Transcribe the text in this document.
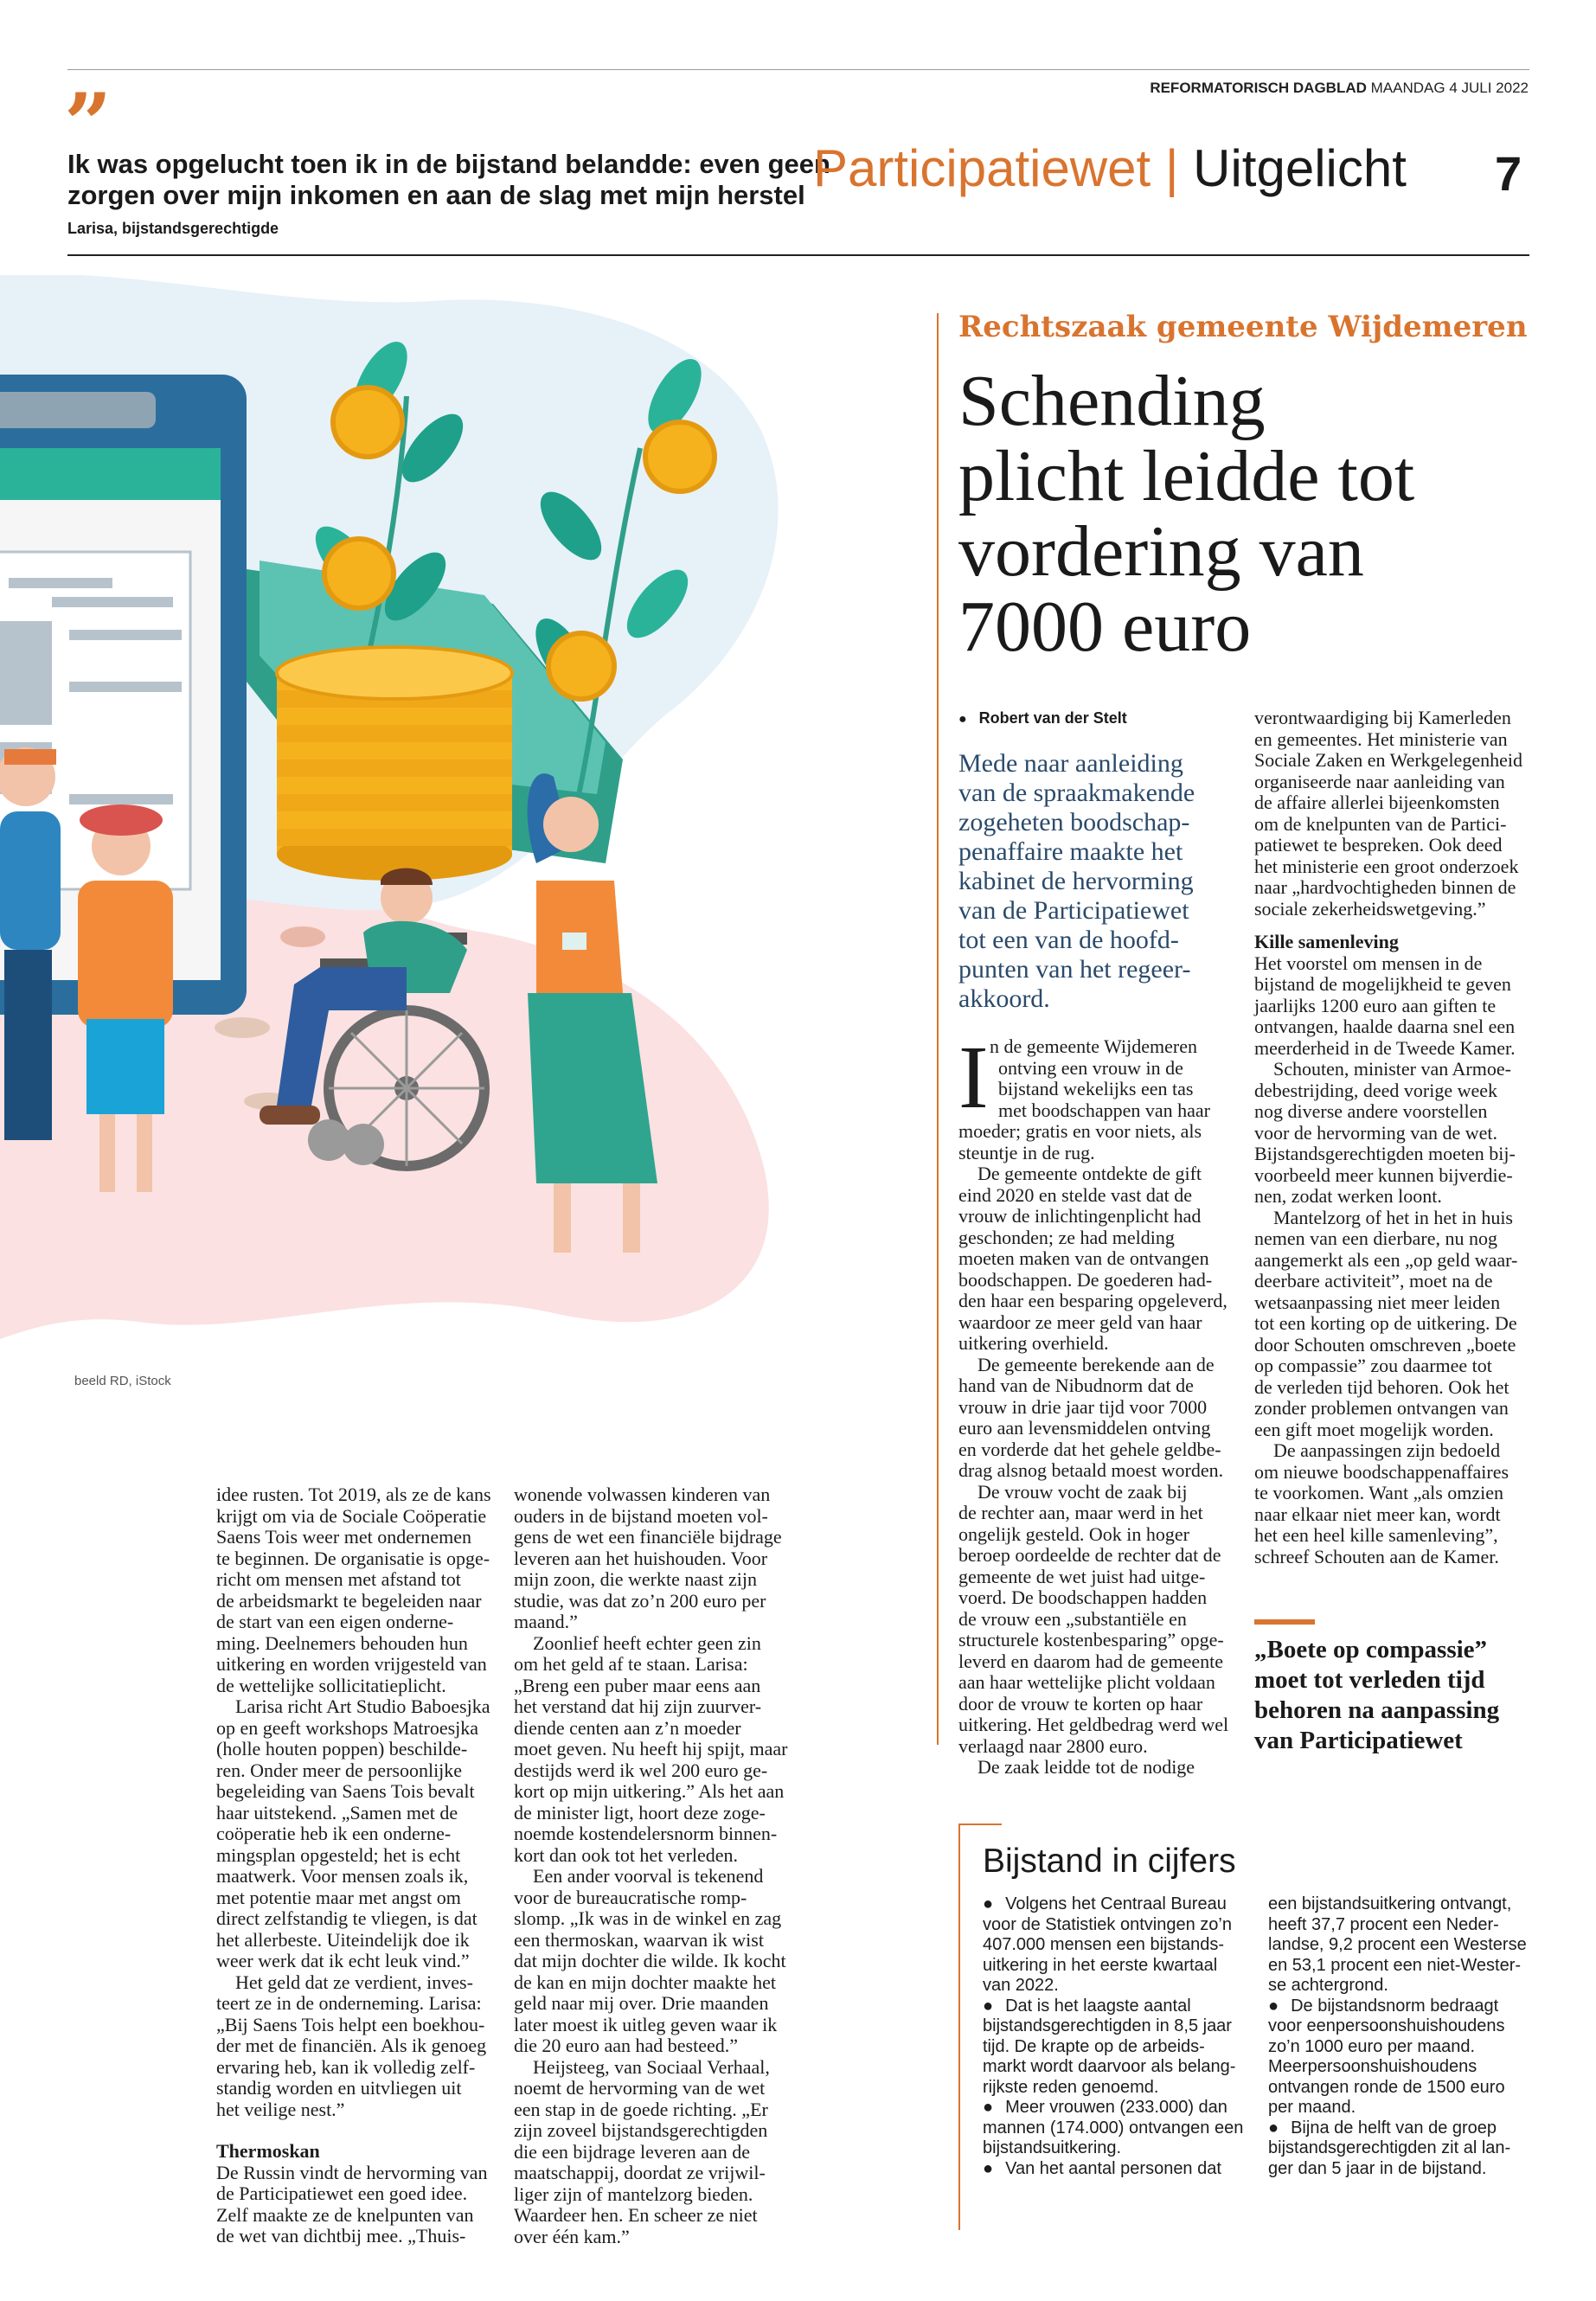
REFORMATORISCH DAGBLAD MAANDAG 4 JULI 2022
”
Ik was opgelucht toen ik in de bijstand belandde: even geen
zorgen over mijn inkomen en aan de slag met mijn herstel
Larisa, bijstandsgerechtigde
Participatiewet | Uitgelicht 7
beeld RD, iStock
Rechtszaak gemeente Wijdemeren
Schending
plicht leidde tot
vordering van
7000 euro
● Robert van der Stelt
Mede naar aanleiding
van de spraakmakende
zogeheten boodschap-
penaffaire maakte het
kabinet de hervorming
van de Participatiewet
tot een van de hoofd-
punten van het regeer-
akkoord.
I n de gemeente Wijdemeren
ontving een vrouw in de
bijstand wekelijks een tas
met boodschappen van haar
moeder; gratis en voor niets, als
steuntje in de rug.
De gemeente ontdekte de gift
eind 2020 en stelde vast dat de
vrouw de inlichtingenplicht had
geschonden; ze had melding
moeten maken van de ontvangen
boodschappen. De goederen had-
den haar een besparing opgeleverd,
waardoor ze meer geld van haar
uitkering overhield.
De gemeente berekende aan de
hand van de Nibudnorm dat de
vrouw in drie jaar tijd voor 7000
euro aan levensmiddelen ontving
en vorderde dat het gehele geldbe-
drag alsnog betaald moest worden.
De vrouw vocht de zaak bij
de rechter aan, maar werd in het
ongelijk gesteld. Ook in hoger
beroep oordeelde de rechter dat de
gemeente de wet juist had uitge-
voerd. De boodschappen hadden
de vrouw een „substantiële en
structurele kostenbesparing” opge-
leverd en daarom had de gemeente
aan haar wettelijke plicht voldaan
door de vrouw te korten op haar
uitkering. Het geldbedrag werd wel
verlaagd naar 2800 euro.
De zaak leidde tot de nodige
verontwaardiging bij Kamerleden
en gemeentes. Het ministerie van
Sociale Zaken en Werkgelegenheid
organiseerde naar aanleiding van
de affaire allerlei bijeenkomsten
om de knelpunten van de Partici-
patiewet te bespreken. Ook deed
het ministerie een groot onderzoek
naar „hardvochtigheden binnen de
sociale zekerheidswetgeving.”
Kille samenleving
Het voorstel om mensen in de
bijstand de mogelijkheid te geven
jaarlijks 1200 euro aan giften te
ontvangen, haalde daarna snel een
meerderheid in de Tweede Kamer.
Schouten, minister van Armoe-
debestrijding, deed vorige week
nog diverse andere voorstellen
voor de hervorming van de wet.
Bijstandsgerechtigden moeten bij-
voorbeeld meer kunnen bijverdie-
nen, zodat werken loont.
Mantelzorg of het in het in huis
nemen van een dierbare, nu nog
aangemerkt als een „op geld waar-
deerbare activiteit”, moet na de
wetsaanpassing niet meer leiden
tot een korting op de uitkering. De
door Schouten omschreven „boete
op compassie” zou daarmee tot
de verleden tijd behoren. Ook het
zonder problemen ontvangen van
een gift moet mogelijk worden.
De aanpassingen zijn bedoeld
om nieuwe boodschappenaffaires
te voorkomen. Want „als omzien
naar elkaar niet meer kan, wordt
het een heel kille samenleving”,
schreef Schouten aan de Kamer.
„Boete op compassie”
moet tot verleden tijd
behoren na aanpassing
van Participatiewet
idee rusten. Tot 2019, als ze de kans
krijgt om via de Sociale Coöperatie
Saens Tois weer met ondernemen
te beginnen. De organisatie is opge-
richt om mensen met afstand tot
de arbeidsmarkt te begeleiden naar
de start van een eigen onderne-
ming. Deelnemers behouden hun
uitkering en worden vrijgesteld van
de wettelijke sollicitatieplicht.
Larisa richt Art Studio Baboesjka
op en geeft workshops Matroesjka
(holle houten poppen) beschilde-
ren. Onder meer de persoonlijke
begeleiding van Saens Tois bevalt
haar uitstekend. „Samen met de
coöperatie heb ik een onderne-
mingsplan opgesteld; het is echt
maatwerk. Voor mensen zoals ik,
met potentie maar met angst om
direct zelfstandig te vliegen, is dat
het allerbeste. Uiteindelijk doe ik
weer werk dat ik echt leuk vind.”
Het geld dat ze verdient, inves-
teert ze in de onderneming. Larisa:
„Bij Saens Tois helpt een boekhou-
der met de financiën. Als ik genoeg
ervaring heb, kan ik volledig zelf-
standig worden en uitvliegen uit
het veilige nest.”
Thermoskan
De Russin vindt de hervorming van
de Participatiewet een goed idee.
Zelf maakte ze de knelpunten van
de wet van dichtbij mee. „Thuis-
wonende volwassen kinderen van
ouders in de bijstand moeten vol-
gens de wet een financiële bijdrage
leveren aan het huishouden. Voor
mijn zoon, die werkte naast zijn
studie, was dat zo’n 200 euro per
maand.”
Zoonlief heeft echter geen zin
om het geld af te staan. Larisa:
„Breng een puber maar eens aan
het verstand dat hij zijn zuurver-
diende centen aan z’n moeder
moet geven. Nu heeft hij spijt, maar
destijds werd ik wel 200 euro ge-
kort op mijn uitkering.” Als het aan
de minister ligt, hoort deze zoge-
noemde kostendelersnorm binnen-
kort dan ook tot het verleden.
Een ander voorval is tekenend
voor de bureaucratische romp-
slomp. „Ik was in de winkel en zag
een thermoskan, waarvan ik wist
dat mijn dochter die wilde. Ik kocht
de kan en mijn dochter maakte het
geld naar mij over. Drie maanden
later moest ik uitleg geven waar ik
die 20 euro aan had besteed.”
Heijsteeg, van Sociaal Verhaal,
noemt de hervorming van de wet
een stap in de goede richting. „Er
zijn zoveel bijstandsgerechtigden
die een bijdrage leveren aan de
maatschappij, doordat ze vrijwil-
liger zijn of mantelzorg bieden.
Waardeer hen. En scheer ze niet
over één kam.”
Bijstand in cijfers
● Volgens het Centraal Bureau
voor de Statistiek ontvingen zo’n
407.000 mensen een bijstands-
uitkering in het eerste kwartaal
van 2022.
● Dat is het laagste aantal
bijstandsgerechtigden in 8,5 jaar
tijd. De krapte op de arbeids-
markt wordt daarvoor als belang-
rijkste reden genoemd.
● Meer vrouwen (233.000) dan
mannen (174.000) ontvangen een
bijstandsuitkering.
● Van het aantal personen dat
een bijstandsuitkering ontvangt,
heeft 37,7 procent een Neder-
landse, 9,2 procent een Westerse
en 53,1 procent een niet-Wester-
se achtergrond.
● De bijstandsnorm bedraagt
voor eenpersoonshuishoudens
zo’n 1000 euro per maand.
Meerpersoonshuishoudens
ontvangen ronde de 1500 euro
per maand.
● Bijna de helft van de groep
bijstandsgerechtigden zit al lan-
ger dan 5 jaar in de bijstand.
